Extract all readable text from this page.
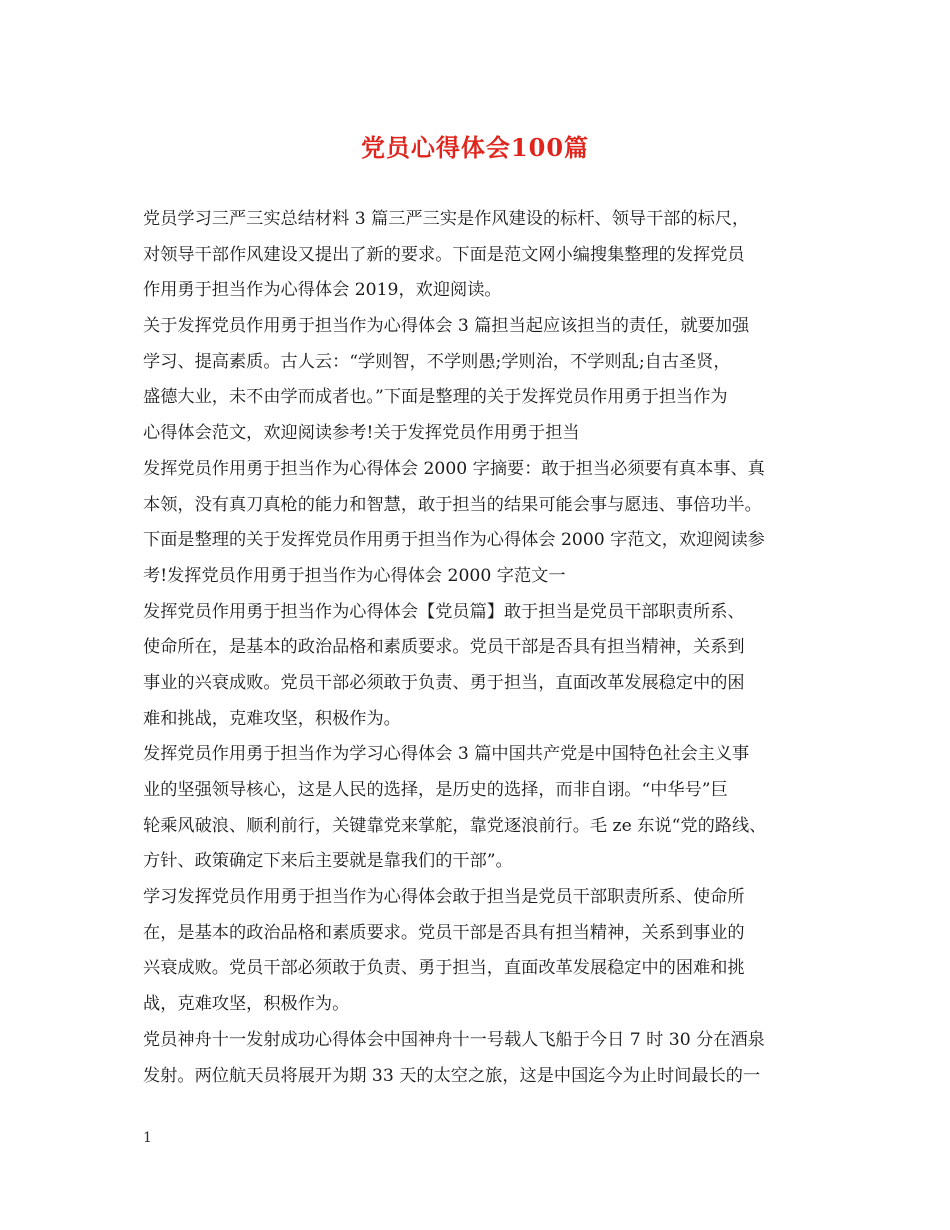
党员心得体会100篇
党员学习三严三实总结材料 3 篇三严三实是作风建设的标杆、领导干部的标尺，
对领导干部作风建设又提出了新的要求。下面是范文网小编搜集整理的发挥党员
作用勇于担当作为心得体会 2019，欢迎阅读。
关于发挥党员作用勇于担当作为心得体会 3 篇担当起应该担当的责任，就要加强
学习、提高素质。古人云：“学则智，不学则愚;学则治，不学则乱;自古圣贤，
盛德大业，未不由学而成者也。”下面是整理的关于发挥党员作用勇于担当作为
心得体会范文，欢迎阅读参考!关于发挥党员作用勇于担当
发挥党员作用勇于担当作为心得体会 2000 字摘要：敢于担当必须要有真本事、真
本领，没有真刀真枪的能力和智慧，敢于担当的结果可能会事与愿违、事倍功半。
下面是整理的关于发挥党员作用勇于担当作为心得体会 2000 字范文，欢迎阅读参
考!发挥党员作用勇于担当作为心得体会 2000 字范文一
发挥党员作用勇于担当作为心得体会【党员篇】敢于担当是党员干部职责所系、
使命所在，是基本的政治品格和素质要求。党员干部是否具有担当精神，关系到
事业的兴衰成败。党员干部必须敢于负责、勇于担当，直面改革发展稳定中的困
难和挑战，克难攻坚，积极作为。
发挥党员作用勇于担当作为学习心得体会 3 篇中国共产党是中国特色社会主义事
业的坚强领导核心，这是人民的选择，是历史的选择，而非自诩。“中华号”巨
轮乘风破浪、顺利前行，关键靠党来掌舵，靠党逐浪前行。毛 ze 东说“党的路线、
方针、政策确定下来后主要就是靠我们的干部”。
学习发挥党员作用勇于担当作为心得体会敢于担当是党员干部职责所系、使命所
在，是基本的政治品格和素质要求。党员干部是否具有担当精神，关系到事业的
兴衰成败。党员干部必须敢于负责、勇于担当，直面改革发展稳定中的困难和挑
战，克难攻坚，积极作为。
党员神舟十一发射成功心得体会中国神舟十一号载人飞船于今日 7 时 30 分在酒泉
发射。两位航天员将展开为期 33 天的太空之旅，这是中国迄今为止时间最长的一
1
